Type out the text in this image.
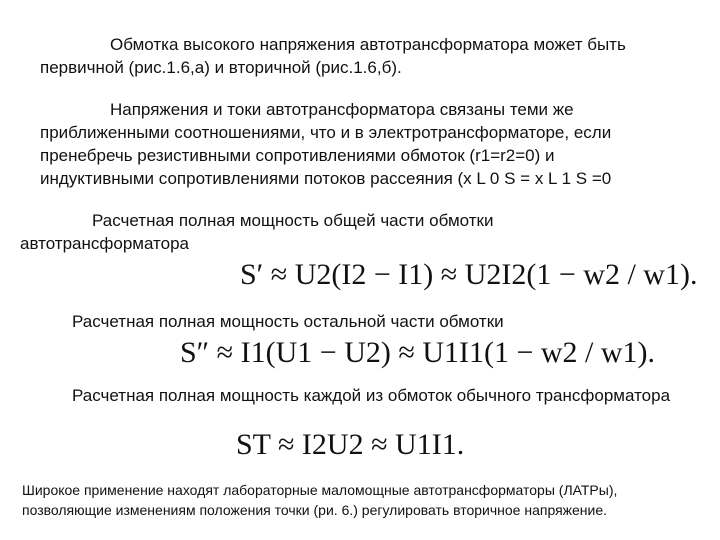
Обмотка высокого напряжения автотрансформатора может быть
первичной (рис.1.6,а) и вторичной (рис.1.6,б).
Напряжения и токи автотрансформатора связаны теми же
приближенными соотношениями, что и в электротрансформаторе, если
пренебречь резистивными сопротивлениями обмоток (r1=r2=0) и
индуктивными сопротивлениями потоков рассеяния (x L 0 S = x L 1 S =0
Расчетная полная мощность общей части обмотки
автотрансформатора
S′ ≈ U2(I2 − I1) ≈ U2I2(1 − w2 / w1).
Расчетная полная мощность остальной части обмотки
S″ ≈ I1(U1 − U2) ≈ U1I1(1 − w2 / w1).
Расчетная полная мощность каждой из обмоток обычного трансформатора
ST ≈ I2U2 ≈ U1I1.
Широкое применение находят лабораторные маломощные автотрансформаторы (ЛАТРы),
позволяющие изменениям положения точки (ри. 6.) регулировать вторичное напряжение.
